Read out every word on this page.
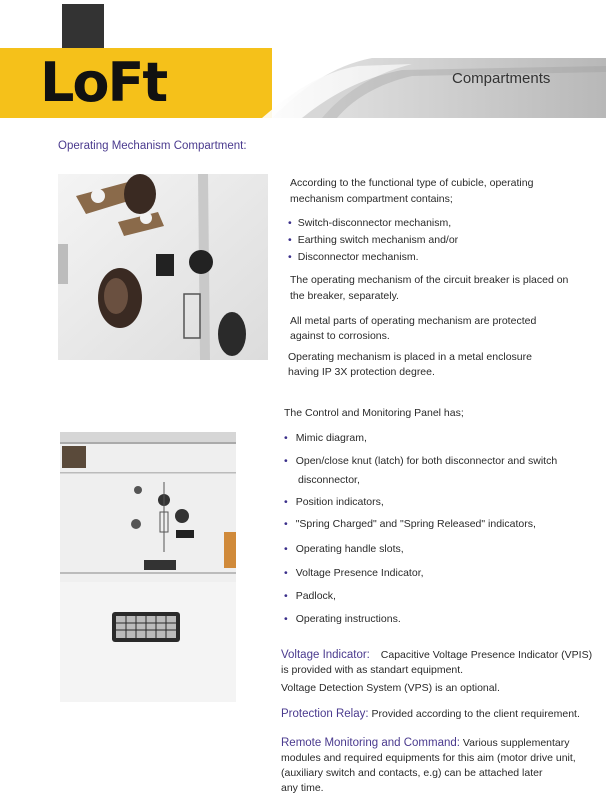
LoFt	Compartments
Operating Mechanism Compartment:
According to the functional type of cubicle, operating
mechanism compartment contains;
• Switch-disconnector mechanism,
• Earthing switch mechanism and/or
• Disconnector mechanism.
The operating mechanism of the circuit breaker is placed on
the breaker, separately.
All metal parts of operating mechanism are protected
against to corrosions.
Operating mechanism is placed in a metal enclosure
having IP 3X protection degree.
The Control and Monitoring Panel has;
• Mimic diagram,
• Open/close knut (latch) for both disconnector and switch
• Position indicators,
• "Spring Charged" and "Spring Released" indicators,
• Operating handle slots,
• Voltage Presence Indicator,
• Padlock,
• Operating instructions.
disconnector,
Voltage Indicator: Capacitive Voltage Presence Indicator (VPIS)
is provided with as standart equipment.
Voltage Detection System (VPS) is an optional.
Protection Relay: Provided according to the client requirement.
Remote Monitoring and Command: Various supplementary
modules and required equipments for this aim (motor drive unit,
(auxiliary switch and contacts, e.g) can be attached later
any time.
